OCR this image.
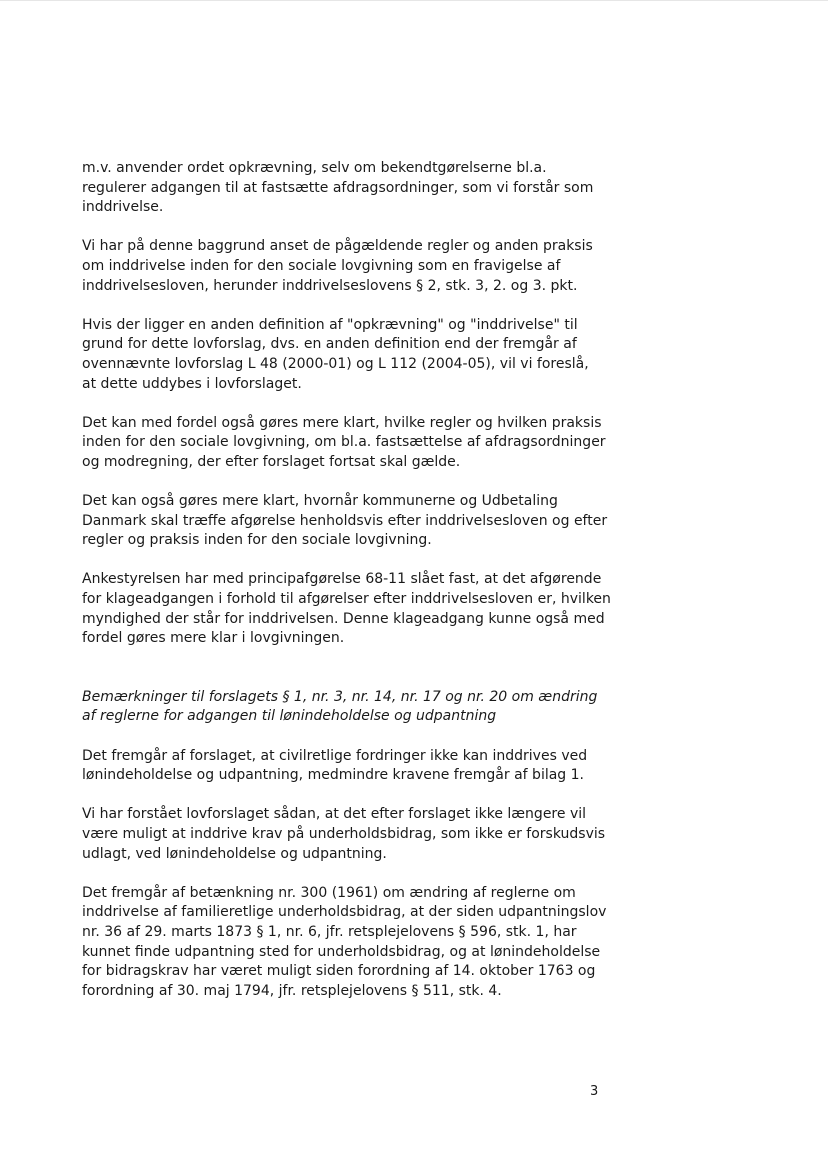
m.v. anvender ordet opkrævning, selv om bekendtgørelserne bl.a.
regulerer adgangen til at fastsætte afdragsordninger, som vi forstår som
inddrivelse.

Vi har på denne baggrund anset de pågældende regler og anden praksis
om inddrivelse inden for den sociale lovgivning som en fravigelse af
inddrivelsesloven, herunder inddrivelseslovens § 2, stk. 3, 2. og 3. pkt.

Hvis der ligger en anden definition af "opkrævning" og "inddrivelse" til
grund for dette lovforslag, dvs. en anden definition end der fremgår af
ovennævnte lovforslag L 48 (2000-01) og L 112 (2004-05), vil vi foreslå,
at dette uddybes i lovforslaget.

Det kan med fordel også gøres mere klart, hvilke regler og hvilken praksis
inden for den sociale lovgivning, om bl.a. fastsættelse af afdragsordninger
og modregning, der efter forslaget fortsat skal gælde.

Det kan også gøres mere klart, hvornår kommunerne og Udbetaling
Danmark skal træffe afgørelse henholdsvis efter inddrivelsesloven og efter
regler og praksis inden for den sociale lovgivning.

Ankestyrelsen har med principafgørelse 68-11 slået fast, at det afgørende
for klageadgangen i forhold til afgørelser efter inddrivelsesloven er, hvilken
myndighed der står for inddrivelsen. Denne klageadgang kunne også med
fordel gøres mere klar i lovgivningen.

Bemærkninger til forslagets § 1, nr. 3, nr. 14, nr. 17 og nr. 20 om ændring
af reglerne for adgangen til lønindeholdelse og udpantning

Det fremgår af forslaget, at civilretlige fordringer ikke kan inddrives ved
lønindeholdelse og udpantning, medmindre kravene fremgår af bilag 1.

Vi har forstået lovforslaget sådan, at det efter forslaget ikke længere vil
være muligt at inddrive krav på underholdsbidrag, som ikke er forskudsvis
udlagt, ved lønindeholdelse og udpantning.

Det fremgår af betænkning nr. 300 (1961) om ændring af reglerne om
inddrivelse af familieretlige underholdsbidrag, at der siden udpantningslov
nr. 36 af 29. marts 1873 § 1, nr. 6, jfr. retsplejelovens § 596, stk. 1, har
kunnet finde udpantning sted for underholdsbidrag, og at lønindeholdelse
for bidragskrav har været muligt siden forordning af 14. oktober 1763 og
forordning af 30. maj 1794, jfr. retsplejelovens § 511, stk. 4.

3
